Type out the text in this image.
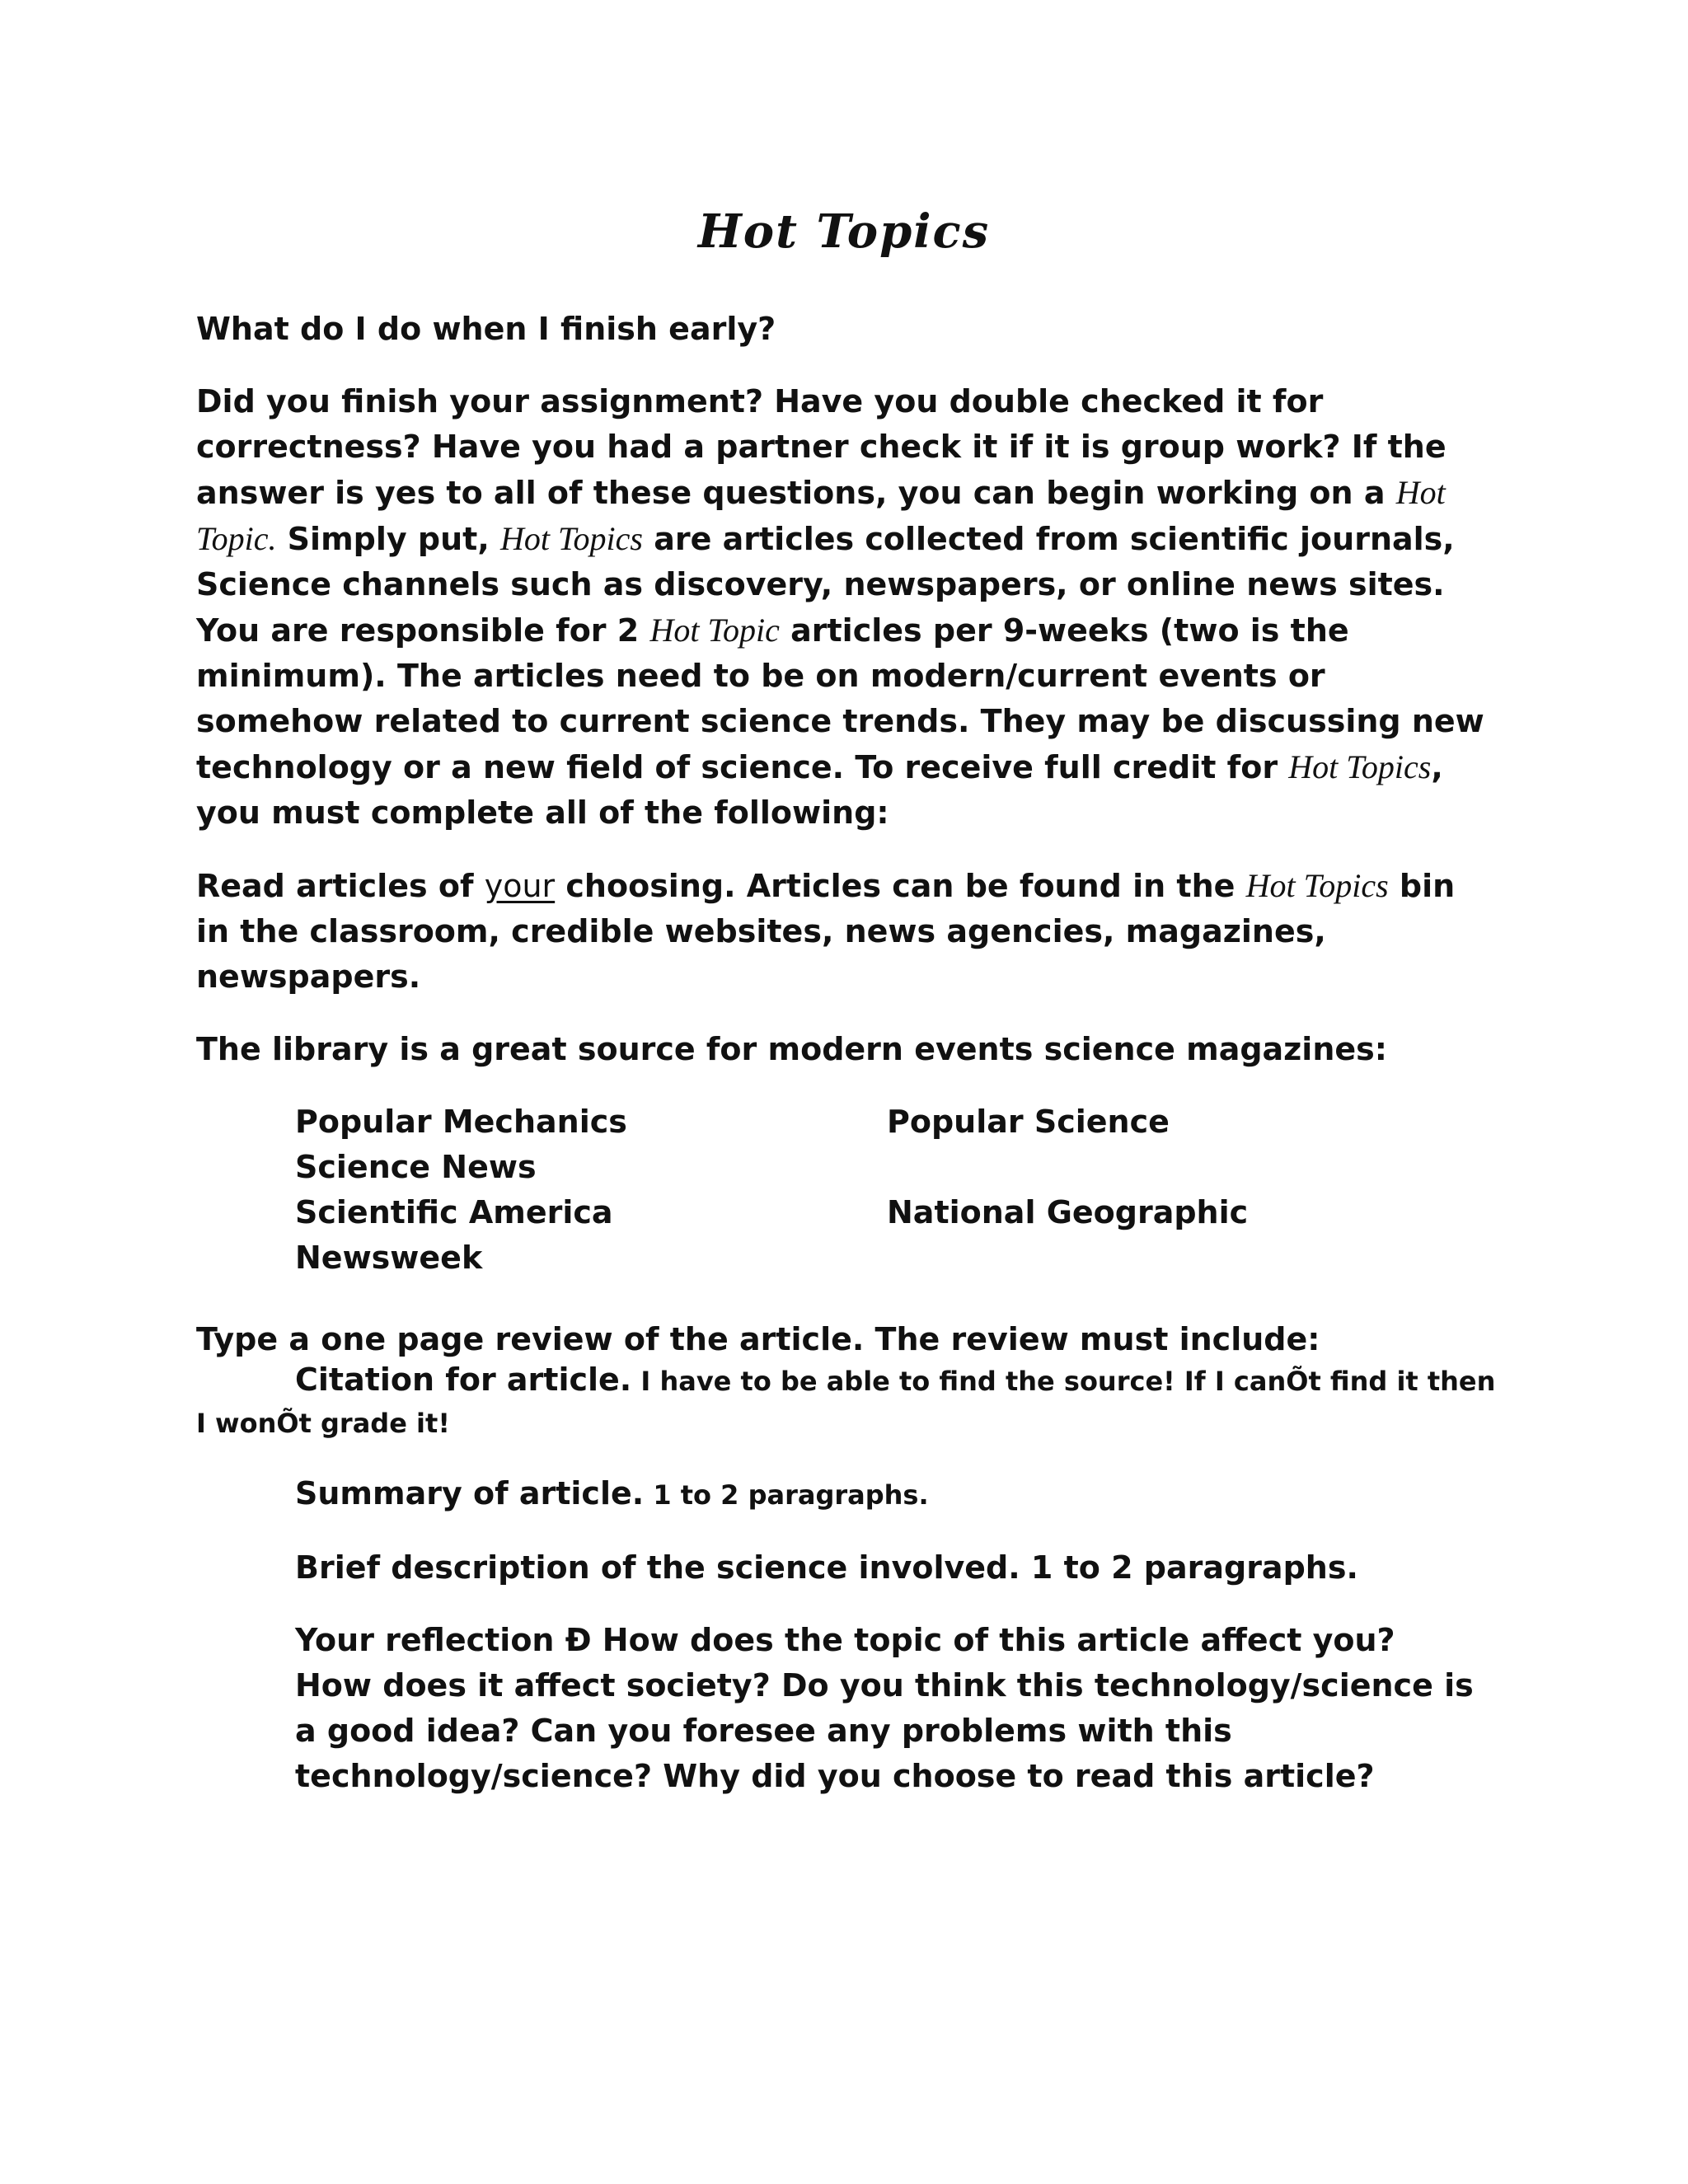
Hot Topics

What do I do when I finish early?

Did you finish your assignment? Have you double checked it for correctness? Have you had a partner check it if it is group work? If the answer is yes to all of these questions, you can begin working on a Hot Topic. Simply put, Hot Topics are articles collected from scientific journals, Science channels such as discovery, newspapers, or online news sites. You are responsible for 2 Hot Topic articles per 9-weeks (two is the minimum). The articles need to be on modern/current events or somehow related to current science trends. They may be discussing new technology or a new field of science. To receive full credit for Hot Topics, you must complete all of the following:

Read articles of your choosing. Articles can be found in the Hot Topics bin in the classroom, credible websites, news agencies, magazines, newspapers.

The library is a great source for modern events science magazines:

Popular Mechanics	Popular Science
Science News
Scientific America	National Geographic
Newsweek
Type a one page review of the article. The review must include:
Citation for article. I have to be able to find the source! If I canÕt find it then I wonÕt grade it!

Summary of article. 1 to 2 paragraphs.

Brief description of the science involved. 1 to 2 paragraphs.

Your reflection Ð How does the topic of this article affect you? How does it affect society? Do you think this technology/science is a good idea? Can you foresee any problems with this technology/science? Why did you choose to read this article?
